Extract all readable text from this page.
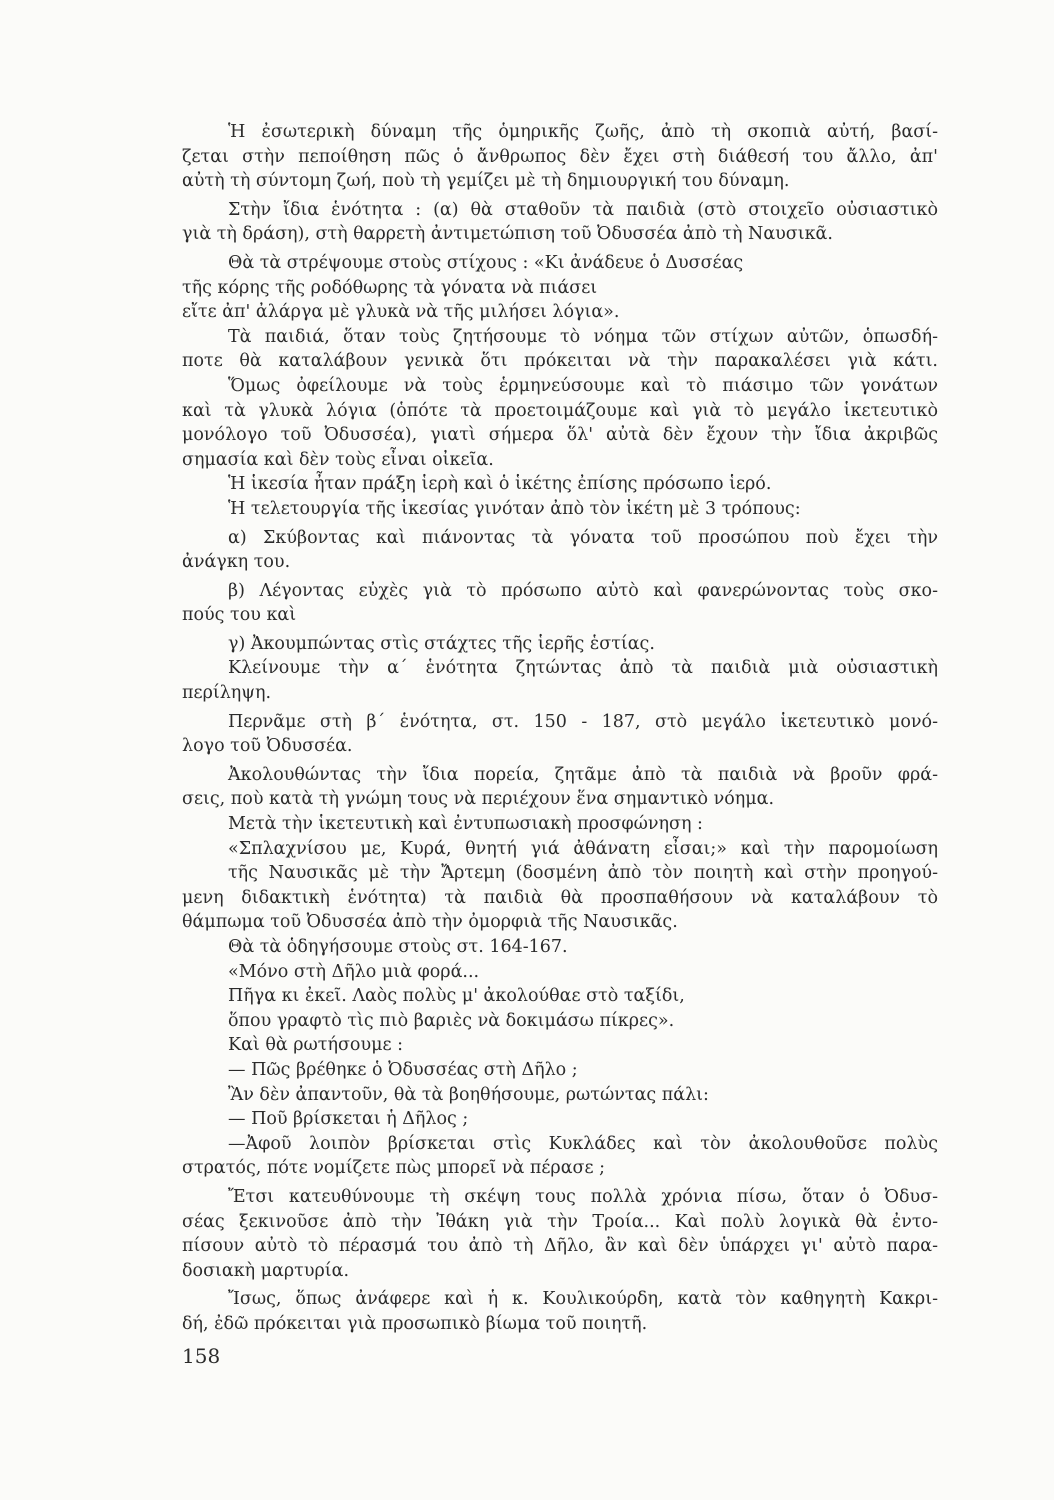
Ἡ ἐσωτερικὴ δύναμη τῆς ὁμηρικῆς ζωῆς, ἀπὸ τὴ σκοπιὰ αὐτή, βασί-
ζεται στὴν πεποίθηση πῶς ὁ ἄνθρωπος δὲν ἔχει στὴ διάθεσή του ἄλλο, ἀπ'
αὐτὴ τὴ σύντομη ζωή, ποὺ τὴ γεμίζει μὲ τὴ δημιουργική του δύναμη.
Στὴν ἴδια ἑνότητα : (α) θὰ σταθοῦν τὰ παιδιὰ (στὸ στοιχεῖο οὐσιαστικὸ
γιὰ τὴ δράση), στὴ θαρρετὴ ἀντιμετώπιση τοῦ Ὀδυσσέα ἀπὸ τὴ Ναυσικᾶ.
Θὰ τὰ στρέψουμε στοὺς στίχους : «Κι ἀνάδευε ὁ Δυσσέας
τῆς κόρης τῆς ροδόθωρης τὰ γόνατα νὰ πιάσει
εἴτε ἀπ' ἀλάργα μὲ γλυκὰ νὰ τῆς μιλήσει λόγια».
Τὰ παιδιά, ὅταν τοὺς ζητήσουμε τὸ νόημα τῶν στίχων αὐτῶν, ὁπωσδή-
ποτε θὰ καταλάβουν γενικὰ ὅτι πρόκειται νὰ τὴν παρακαλέσει γιὰ κάτι.
Ὅμως ὀφείλουμε νὰ τοὺς ἑρμηνεύσουμε καὶ τὸ πιάσιμο τῶν γονάτων
καὶ τὰ γλυκὰ λόγια (ὁπότε τὰ προετοιμάζουμε καὶ γιὰ τὸ μεγάλο ἱκετευτικὸ
μονόλογο τοῦ Ὀδυσσέα), γιατὶ σήμερα ὅλ' αὐτὰ δὲν ἔχουν τὴν ἴδια ἀκριβῶς
σημασία καὶ δὲν τοὺς εἶναι οἰκεῖα.
Ἡ ἱκεσία ἦταν πράξη ἱερὴ καὶ ὁ ἱκέτης ἐπίσης πρόσωπο ἱερό.
Ἡ τελετουργία τῆς ἱκεσίας γινόταν ἀπὸ τὸν ἱκέτη μὲ 3 τρόπους:
α) Σκύβοντας καὶ πιάνοντας τὰ γόνατα τοῦ προσώπου ποὺ ἔχει τὴν
ἀνάγκη του.
β) Λέγοντας εὐχὲς γιὰ τὸ πρόσωπο αὐτὸ καὶ φανερώνοντας τοὺς σκο-
πούς του καὶ
γ) Ἀκουμπώντας στὶς στάχτες τῆς ἱερῆς ἑστίας.
Κλείνουμε τὴν α΄ ἑνότητα ζητώντας ἀπὸ τὰ παιδιὰ μιὰ οὐσιαστικὴ
περίληψη.
Περνᾶμε στὴ β΄ ἑνότητα, στ. 150 - 187, στὸ μεγάλο ἱκετευτικὸ μονό-
λογο τοῦ Ὀδυσσέα.
Ἀκολουθώντας τὴν ἴδια πορεία, ζητᾶμε ἀπὸ τὰ παιδιὰ νὰ βροῦν φρά-
σεις, ποὺ κατὰ τὴ γνώμη τους νὰ περιέχουν ἕνα σημαντικὸ νόημα.
Μετὰ τὴν ἱκετευτικὴ καὶ ἐντυπωσιακὴ προσφώνηση :
«Σπλαχνίσου με, Κυρά, θνητή γιά ἀθάνατη εἶσαι;» καὶ τὴν παρομοίωση
τῆς Ναυσικᾶς μὲ τὴν Ἄρτεμη (δοσμένη ἀπὸ τὸν ποιητὴ καὶ στὴν προηγού-
μενη διδακτικὴ ἑνότητα) τὰ παιδιὰ θὰ προσπαθήσουν νὰ καταλάβουν τὸ
θάμπωμα τοῦ Ὀδυσσέα ἀπὸ τὴν ὀμορφιὰ τῆς Ναυσικᾶς.
Θὰ τὰ ὁδηγήσουμε στοὺς στ. 164-167.
«Μόνο στὴ Δῆλο μιὰ φορά...
Πῆγα κι ἐκεῖ. Λαὸς πολὺς μ' ἀκολούθαε στὸ ταξίδι,
ὅπου γραφτὸ τὶς πιὸ βαριὲς νὰ δοκιμάσω πίκρες».
Καὶ θὰ ρωτήσουμε :
— Πῶς βρέθηκε ὁ Ὀδυσσέας στὴ Δῆλο ;
Ἂν δὲν ἀπαντοῦν, θὰ τὰ βοηθήσουμε, ρωτώντας πάλι:
— Ποῦ βρίσκεται ἡ Δῆλος ;
—Ἀφοῦ λοιπὸν βρίσκεται στὶς Κυκλάδες καὶ τὸν ἀκολουθοῦσε πολὺς
στρατός, πότε νομίζετε πὼς μπορεῖ νὰ πέρασε ;
Ἔτσι κατευθύνουμε τὴ σκέψη τους πολλὰ χρόνια πίσω, ὅταν ὁ Ὀδυσ-
σέας ξεκινοῦσε ἀπὸ τὴν Ἰθάκη γιὰ τὴν Τροία... Καὶ πολὺ λογικὰ θὰ ἐντο-
πίσουν αὐτὸ τὸ πέρασμά του ἀπὸ τὴ Δῆλο, ἂν καὶ δὲν ὑπάρχει γι' αὐτὸ παρα-
δοσιακὴ μαρτυρία.
Ἴσως, ὅπως ἀνάφερε καὶ ἡ κ. Κουλικούρδη, κατὰ τὸν καθηγητὴ Κακρι-
δή, ἐδῶ πρόκειται γιὰ προσωπικὸ βίωμα τοῦ ποιητῆ.
158
